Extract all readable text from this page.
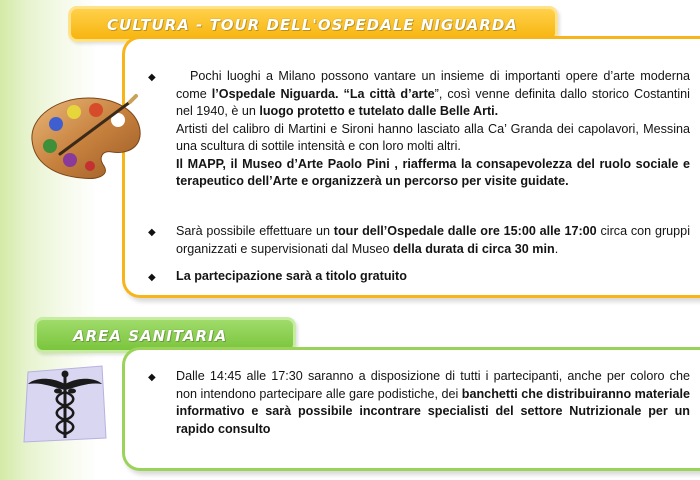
CULTURA - TOUR DELL'OSPEDALE NIGUARDA
◆	Pochi luoghi a Milano possono vantare un insieme di importanti opere d’arte moderna come l’Ospedale Niguarda. “La città d’arte”, così venne definita dallo storico Costantini nel 1940, è un luogo protetto e tutelato dalle Belle Arti.
Artisti del calibro di Martini e Sironi hanno lasciato alla Ca’ Granda dei capolavori, Messina una scultura di sottile intensità e con loro molti altri.
Il MAPP, il Museo d’Arte Paolo Pini , riafferma la consapevolezza del ruolo sociale e terapeutico dell’Arte e organizzerà un percorso per visite guidate.
◆ Sarà possibile effettuare un tour dell’Ospedale dalle ore 15:00 alle 17:00 circa con gruppi organizzati e supervisionati dal Museo della durata di circa 30 min.
◆ La partecipazione sarà a titolo gratuito
AREA SANITARIA
◆ Dalle 14:45 alle 17:30 saranno a disposizione di tutti i partecipanti, anche per coloro che non intendono partecipare alle gare podistiche, dei banchetti che distribuiranno materiale informativo e sarà possibile incontrare specialisti del settore Nutrizionale per un rapido consulto
